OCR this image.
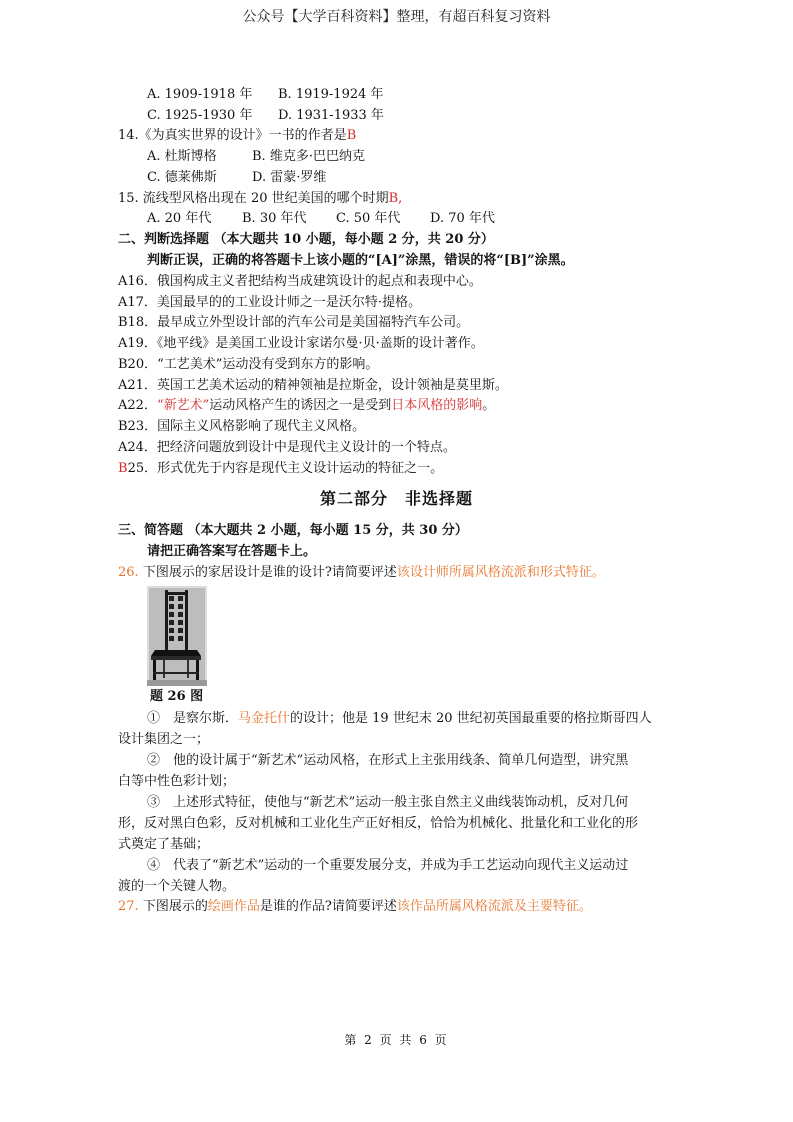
公众号【大学百科资料】整理，有超百科复习资料
A. 1909-1918 年 B. 1919-1924 年
C. 1925-1930 年 D. 1931-1933 年
14.《为真实世界的设计》一书的作者是B
A. 杜斯博格	B. 维克多·巴巴纳克
C. 德莱佛斯	D. 雷蒙·罗维
15. 流线型风格出现在 20 世纪美国的哪个时期B,
A. 20 年代 B. 30 年代 C. 50 年代 D. 70 年代
二、判断选择题 （本大题共 10 小题，每小题 2 分，共 20 分）
判断正误，正确的将答题卡上该小题的“[A]”涂黑，错误的将“[B]”涂黑。
A16．俄国构成主义者把结构当成建筑设计的起点和表现中心。
A17．美国最早的的工业设计师之一是沃尔特·提格。
B18．最早成立外型设计部的汽车公司是美国福特汽车公司。
A19．《地平线》是美国工业设计家诺尔曼·贝·盖斯的设计著作。
B20．“工艺美术”运动没有受到东方的影响。
A21．英国工艺美术运动的精神领袖是拉斯金，设计领袖是莫里斯。
A22．“新艺术”运动风格产生的诱因之一是受到日本风格的影响。
B23．国际主义风格影响了现代主义风格。
A24．把经济问题放到设计中是现代主义设计的一个特点。
B25．形式优先于内容是现代主义设计运动的特征之一。
第二部分　非选择题
三、简答题 （本大题共 2 小题，每小题 15 分，共 30 分）
请把正确答案写在答题卡上。
26. 下图展示的家居设计是谁的设计?请简要评述该设计师所属风格流派和形式特征。
题 26 图
①　是察尔斯．马金托什的设计；他是 19 世纪末 20 世纪初英国最重要的格拉斯哥四人
设计集团之一；
②　他的设计属于“新艺术”运动风格，在形式上主张用线条、简单几何造型，讲究黑
白等中性色彩计划；
③　上述形式特征，使他与“新艺术”运动一般主张自然主义曲线装饰动机，反对几何
形，反对黑白色彩，反对机械和工业化生产正好相反，恰恰为机械化、批量化和工业化的形
式奠定了基础；
④　代表了“新艺术”运动的一个重要发展分支，并成为手工艺运动向现代主义运动过
渡的一个关键人物。
27. 下图展示的绘画作品是谁的作品?请简要评述该作品所属风格流派及主要特征。
第 2 页 共 6 页
